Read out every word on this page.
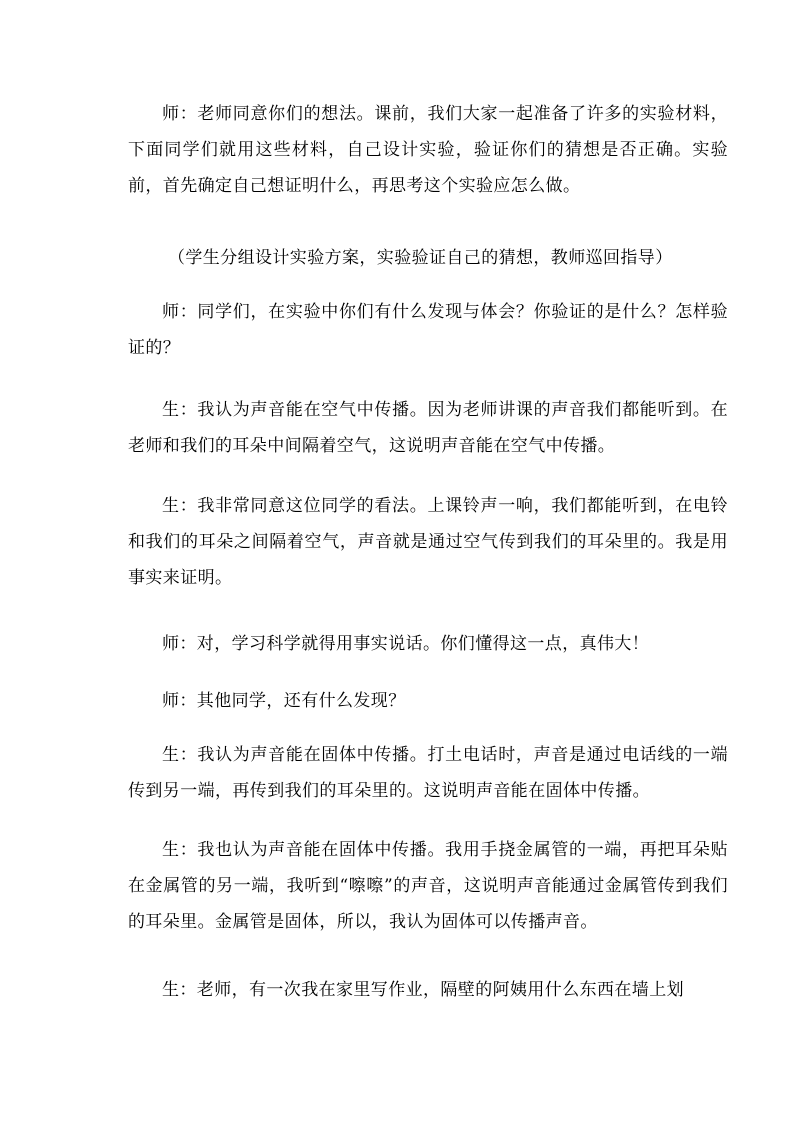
师：老师同意你们的想法。课前，我们大家一起准备了许多的实验材料，下面同学们就用这些材料，自己设计实验，验证你们的猜想是否正确。实验前，首先确定自己想证明什么，再思考这个实验应怎么做。

（学生分组设计实验方案，实验验证自己的猜想，教师巡回指导）

师：同学们，在实验中你们有什么发现与体会？你验证的是什么？怎样验证的？

生：我认为声音能在空气中传播。因为老师讲课的声音我们都能听到。在老师和我们的耳朵中间隔着空气，这说明声音能在空气中传播。

生：我非常同意这位同学的看法。上课铃声一响，我们都能听到，在电铃和我们的耳朵之间隔着空气，声音就是通过空气传到我们的耳朵里的。我是用事实来证明。

师：对，学习科学就得用事实说话。你们懂得这一点，真伟大！

师：其他同学，还有什么发现？

生：我认为声音能在固体中传播。打土电话时，声音是通过电话线的一端传到另一端，再传到我们的耳朵里的。这说明声音能在固体中传播。

生：我也认为声音能在固体中传播。我用手挠金属管的一端，再把耳朵贴在金属管的另一端，我听到“嚓嚓”的声音，这说明声音能通过金属管传到我们的耳朵里。金属管是固体，所以，我认为固体可以传播声音。

生：老师，有一次我在家里写作业，隔壁的阿姨用什么东西在墙上划
